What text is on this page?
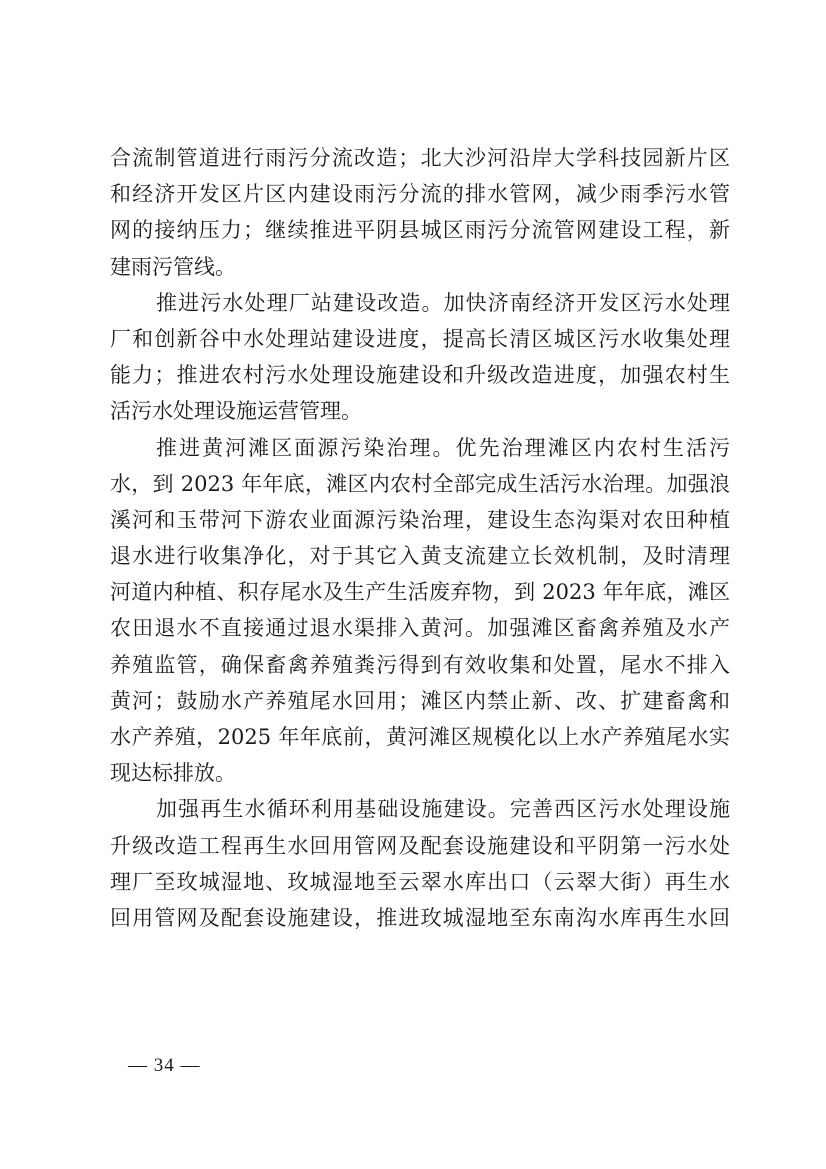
合流制管道进行雨污分流改造；北大沙河沿岸大学科技园新片区
和经济开发区片区内建设雨污分流的排水管网，减少雨季污水管
网的接纳压力；继续推进平阴县城区雨污分流管网建设工程，新
建雨污管线。
推进污水处理厂站建设改造。加快济南经济开发区污水处理
厂和创新谷中水处理站建设进度，提高长清区城区污水收集处理
能力；推进农村污水处理设施建设和升级改造进度，加强农村生
活污水处理设施运营管理。
推进黄河滩区面源污染治理。优先治理滩区内农村生活污
水，到 2023 年年底，滩区内农村全部完成生活污水治理。加强浪
溪河和玉带河下游农业面源污染治理，建设生态沟渠对农田种植
退水进行收集净化，对于其它入黄支流建立长效机制，及时清理
河道内种植、积存尾水及生产生活废弃物，到 2023 年年底，滩区
农田退水不直接通过退水渠排入黄河。加强滩区畜禽养殖及水产
养殖监管，确保畜禽养殖粪污得到有效收集和处置，尾水不排入
黄河；鼓励水产养殖尾水回用；滩区内禁止新、改、扩建畜禽和
水产养殖，2025 年年底前，黄河滩区规模化以上水产养殖尾水实
现达标排放。
加强再生水循环利用基础设施建设。完善西区污水处理设施
升级改造工程再生水回用管网及配套设施建设和平阴第一污水处
理厂至玫城湿地、玫城湿地至云翠水库出口（云翠大街）再生水
回用管网及配套设施建设，推进玫城湿地至东南沟水库再生水回
— 34 —
